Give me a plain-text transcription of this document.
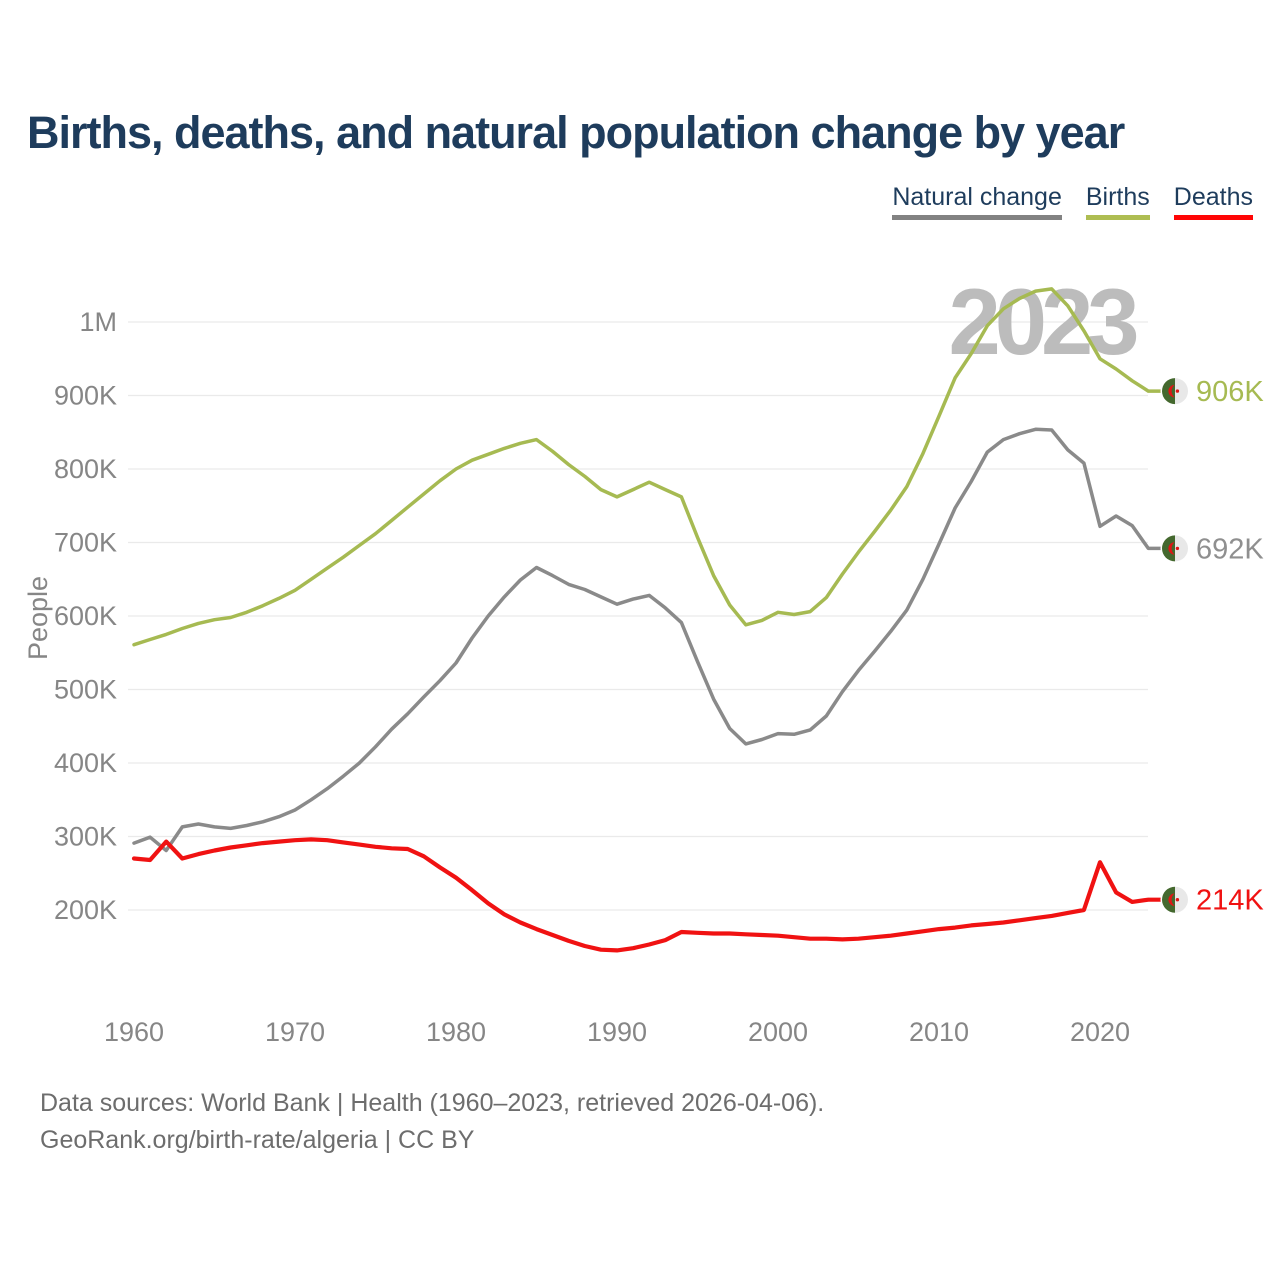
Births, deaths, and natural population change by year
Natural change Births Deaths
2023
200K
300K
400K
500K
600K
700K
800K
900K
1M
1960	1970	1980	1990	2000	2010	2020
People
692K
906K
214K
Data sources: World Bank | Health (1960–2023, retrieved 2026-04-06).
GeoRank.org/birth-rate/algeria | CC BY
